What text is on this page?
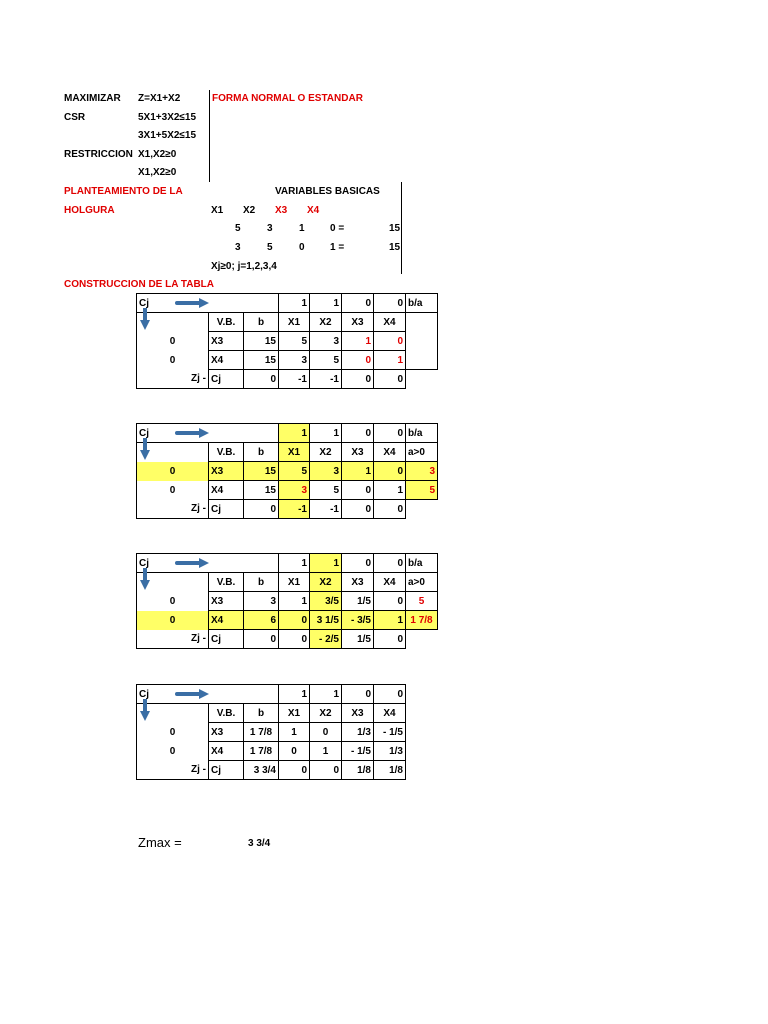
MAXIMIZAR Z=X1+X2
CSR	5X1+3X2≤15
3X1+5X2≤15
RESTRICCION X1,X2≥0
X1,X2≥0
FORMA NORMAL O ESTANDAR
PLANTEAMIENTO DE LA
HOLGURA
VARIABLES BASICAS
X1 X2 X3 X4
5	3	1	0 =	15
3	5	0	1 =	15
Xj≥0; j=1,2,3,4
CONSTRUCCION DE LA TABLA
Cj			1	1	0	0	b/a	
	V.B.	b	X1	X2	X3	X4		
0	X3	15	5	3	1	0		
0	X4	15	3	5	0	1		
Zj -	Cj	0	-1	-1	0	0		
Cj			1	1	0	0	b/a	
	V.B.	b	X1	X2	X3	X4	a>0	
0	X3	15	5	3	1	0	3	
0	X4	15	3	5	0	1	5	
Zj -	Cj	0	-1	-1	0	0		
Cj			1	1	0	0	b/a	
	V.B.	b	X1	X2	X3	X4	a>0	
0	X3	3	1	3/5	1/5	0	5	
0	X4	6	0	3 1/5	- 3/5	1	1 7/8	
Zj -	Cj	0	0	- 2/5	1/5	0		
Cj			1	1	0	0
	V.B.	b	X1	X2	X3	X4
0	X3	1 7/8	1	0	1/3	- 1/5
0	X4	1 7/8	0	1	- 1/5	1/3
Zj -	Cj	3 3/4	0	0	1/8	1/8
Zmax =	3 3/4
